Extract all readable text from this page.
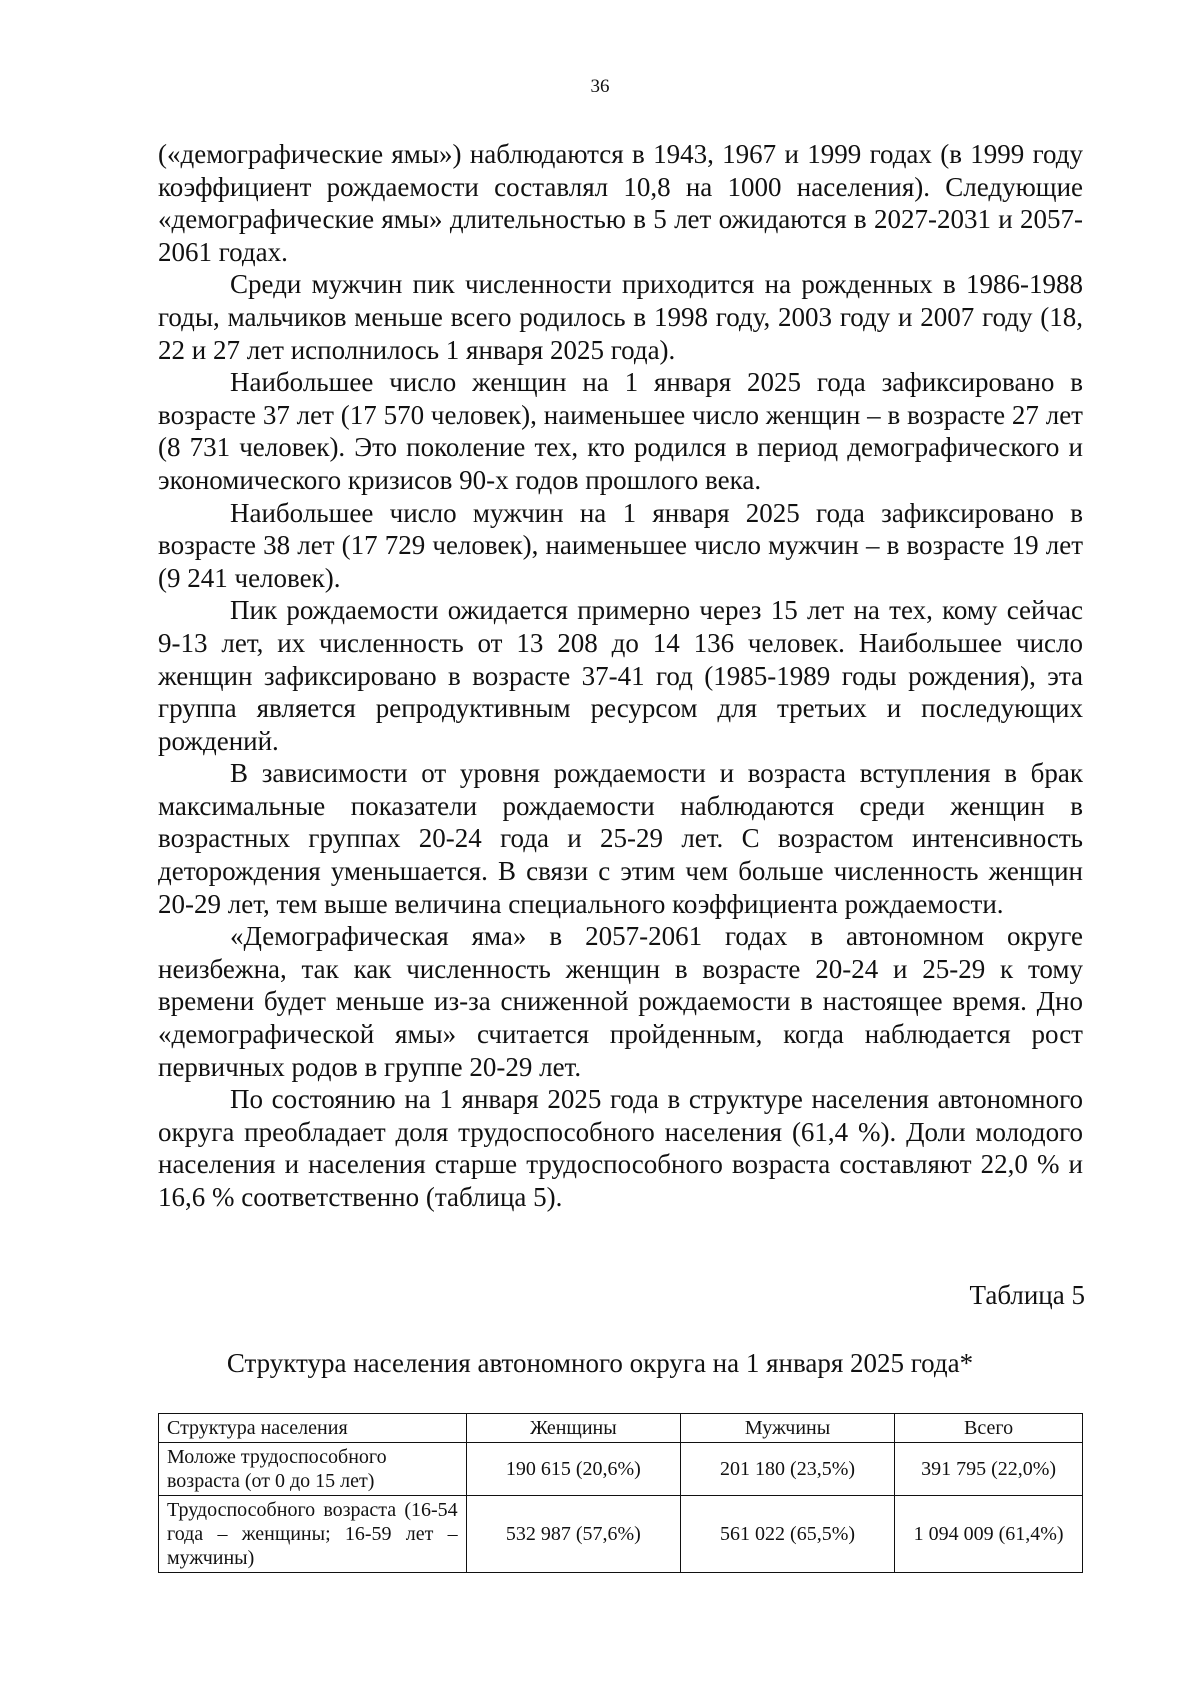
36

(«демографические ямы») наблюдаются в 1943, 1967 и 1999 годах (в 1999 году коэффициент рождаемости составлял 10,8 на 1000 населения). Следующие «демографические ямы» длительностью в 5 лет ожидаются в 2027-2031 и 2057-2061 годах.

Среди мужчин пик численности приходится на рожденных в 1986-1988 годы, мальчиков меньше всего родилось в 1998 году, 2003 году и 2007 году (18, 22 и 27 лет исполнилось 1 января 2025 года).

Наибольшее число женщин на 1 января 2025 года зафиксировано в возрасте 37 лет (17 570 человек), наименьшее число женщин – в возрасте 27 лет (8 731 человек). Это поколение тех, кто родился в период демографического и экономического кризисов 90-х годов прошлого века.

Наибольшее число мужчин на 1 января 2025 года зафиксировано в возрасте 38 лет (17 729 человек), наименьшее число мужчин – в возрасте 19 лет (9 241 человек).

Пик рождаемости ожидается примерно через 15 лет на тех, кому сейчас 9-13 лет, их численность от 13 208 до 14 136 человек. Наибольшее число женщин зафиксировано в возрасте 37-41 год (1985-1989 годы рождения), эта группа является репродуктивным ресурсом для третьих и последующих рождений.

В зависимости от уровня рождаемости и возраста вступления в брак максимальные показатели рождаемости наблюдаются среди женщин в возрастных группах 20-24 года и 25-29 лет. С возрастом интенсивность деторождения уменьшается. В связи с этим чем больше численность женщин 20-29 лет, тем выше величина специального коэффициента рождаемости.

«Демографическая яма» в 2057-2061 годах в автономном округе неизбежна, так как численность женщин в возрасте 20-24 и 25-29 к тому времени будет меньше из-за сниженной рождаемости в настоящее время. Дно «демографической ямы» считается пройденным, когда наблюдается рост первичных родов в группе 20-29 лет.

По состоянию на 1 января 2025 года в структуре населения автономного округа преобладает доля трудоспособного населения (61,4 %). Доли молодого населения и населения старше трудоспособного возраста составляют 22,0 % и 16,6 % соответственно (таблица 5).

Таблица 5
Структура населения автономного округа на 1 января 2025 года*
Структура населения	Женщины	Мужчины	Всего
Моложе трудоспособного возраста (от 0 до 15 лет)	190 615 (20,6%)	201 180 (23,5%)	391 795 (22,0%)
Трудоспособного возраста (16-54 года – женщины; 16-59 лет – мужчины)	532 987 (57,6%)	561 022 (65,5%)	1 094 009 (61,4%)
